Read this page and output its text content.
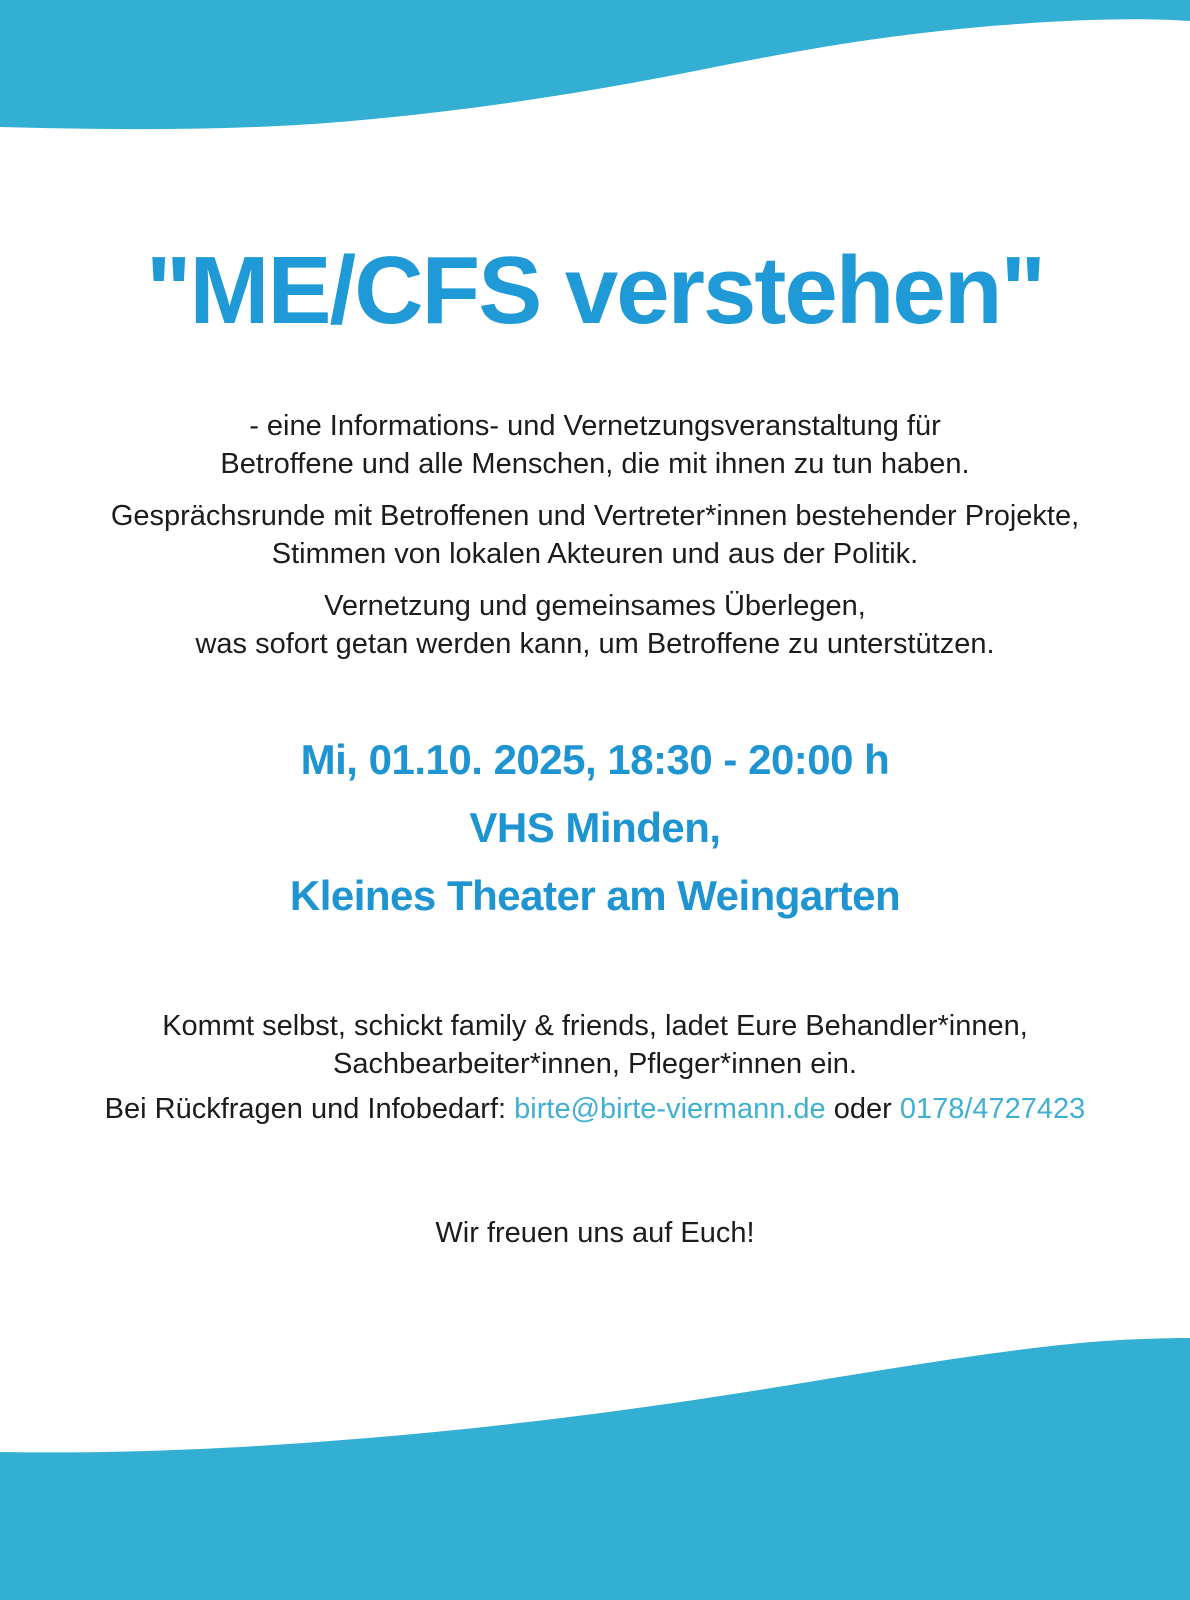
"ME/CFS verstehen"

- eine Informations- und Vernetzungsveranstaltung für
Betroffene und alle Menschen, die mit ihnen zu tun haben.

Gesprächsrunde mit Betroffenen und Vertreter*innen bestehender Projekte,
Stimmen von lokalen Akteuren und aus der Politik.

Vernetzung und gemeinsames Überlegen,
was sofort getan werden kann, um Betroffene zu unterstützen.

Mi, 01.10. 2025, 18:30 - 20:00 h
VHS Minden,
Kleines Theater am Weingarten

Kommt selbst, schickt family & friends, ladet Eure Behandler*innen,
Sachbearbeiter*innen, Pfleger*innen ein.

Bei Rückfragen und Infobedarf: birte@birte-viermann.de oder 0178/4727423

Wir freuen uns auf Euch!
